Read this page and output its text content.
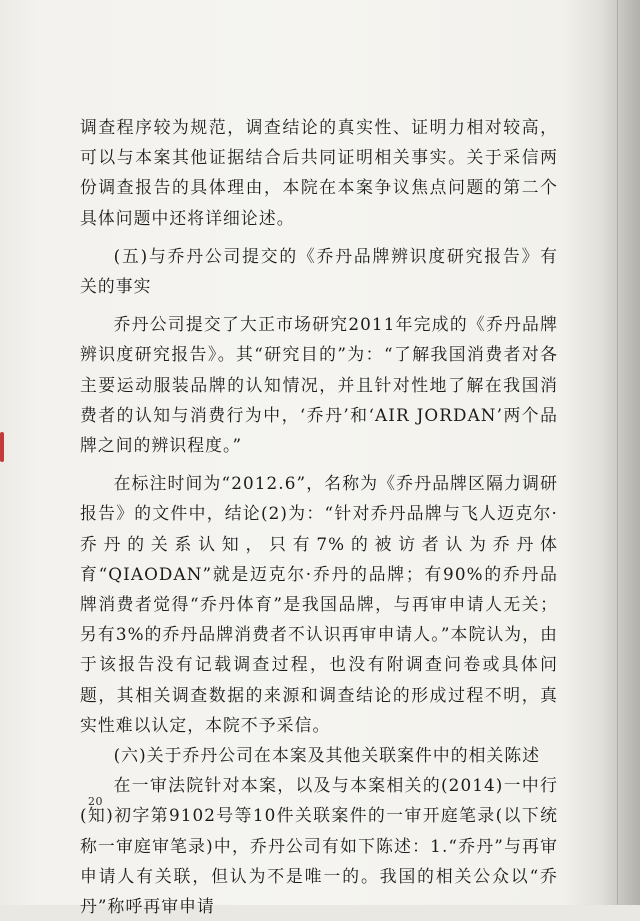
调查程序较为规范，调查结论的真实性、证明力相对较高，可以与本案其他证据结合后共同证明相关事实。关于采信两份调查报告的具体理由，本院在本案争议焦点问题的第二个具体问题中还将详细论述。

(五)与乔丹公司提交的《乔丹品牌辨识度研究报告》有关的事实

乔丹公司提交了大正市场研究2011年完成的《乔丹品牌辨识度研究报告》。其“研究目的”为：“了解我国消费者对各主要运动服装品牌的认知情况，并且针对性地了解在我国消费者的认知与消费行为中，‘乔丹’和‘AIR JORDAN’两个品牌之间的辨识程度。”

在标注时间为“2012.6”，名称为《乔丹品牌区隔力调研报告》的文件中，结论(2)为：“针对乔丹品牌与飞人迈克尔·乔丹的关系认知，只有7%的被访者认为乔丹体育“QIAODAN”就是迈克尔·乔丹的品牌；有90%的乔丹品牌消费者觉得“乔丹体育”是我国品牌，与再审申请人无关；另有3%的乔丹品牌消费者不认识再审申请人。”本院认为，由于该报告没有记载调查过程，也没有附调查问卷或具体问题，其相关调查数据的来源和调查结论的形成过程不明，真实性难以认定，本院不予采信。

(六)关于乔丹公司在本案及其他关联案件中的相关陈述

在一审法院针对本案，以及与本案相关的(2014)一中行(知)初字第9102号等10件关联案件的一审开庭笔录(以下统称一审庭审笔录)中，乔丹公司有如下陈述：1.“乔丹”与再审申请人有关联，但认为不是唯一的。我国的相关公众以“乔丹”称呼再审申请

20
